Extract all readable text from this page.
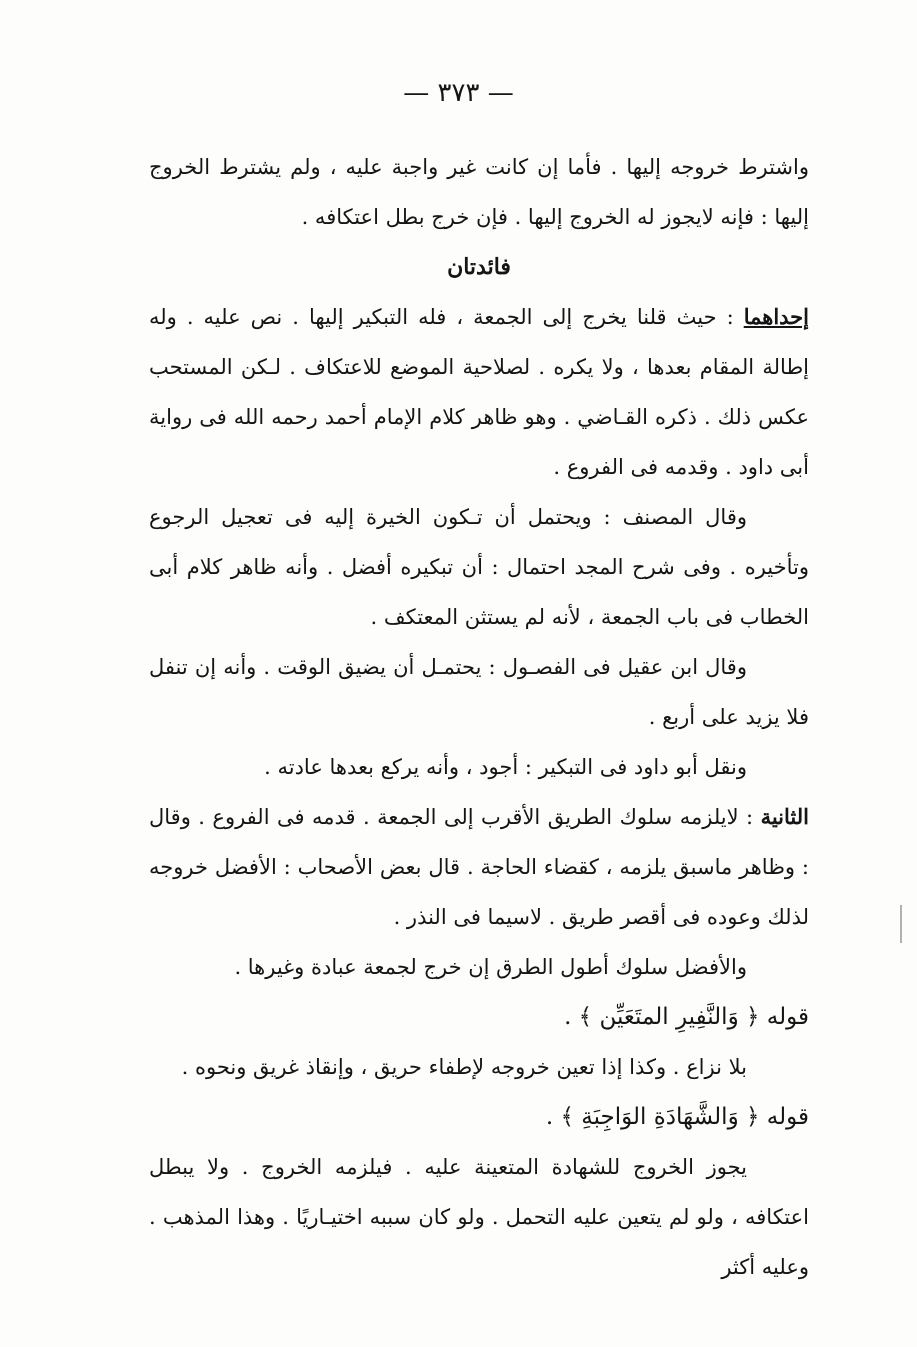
— ٣٧٣ —

واشترط خروجه إليها . فأما إن كانت غير واجبة عليه ، ولم يشترط الخروج إليها : فإنه لايجوز له الخروج إليها . فإن خرج بطل اعتكافه .

فائدتان

إحداهما : حيث قلنا يخرج إلى الجمعة ، فله التبكير إليها . نص عليه . وله إطالة المقام بعدها ، ولا يكره . لصلاحية الموضع للاعتكاف . لـكن المستحب عكس ذلك . ذكره القـاضي . وهو ظاهر كلام الإمام أحمد رحمه الله فى رواية أبى داود . وقدمه فى الفروع .

وقال المصنف : ويحتمل أن تـكون الخيرة إليه فى تعجيل الرجوع وتأخيره . وفى شرح المجد احتمال : أن تبكيره أفضل . وأنه ظاهر كلام أبى الخطاب فى باب الجمعة ، لأنه لم يستثن المعتكف .

وقال ابن عقيل فى الفصـول : يحتمـل أن يضيق الوقت . وأنه إن تنفل فلا يزيد على أربع .

ونقل أبو داود فى التبكير : أجود ، وأنه يركع بعدها عادته .

الثانية : لايلزمه سلوك الطريق الأقرب إلى الجمعة . قدمه فى الفروع . وقال : وظاهر ماسبق يلزمه ، كقضاء الحاجة . قال بعض الأصحاب : الأفضل خروجه لذلك وعوده فى أقصر طريق . لاسيما فى النذر .

والأفضل سلوك أطول الطرق إن خرج لجمعة عبادة وغيرها .

قوله ﴿ وَالنَّفِيرِ المتَعَيِّن ﴾ .

بلا نزاع . وكذا إذا تعين خروجه لإطفاء حريق ، وإنقاذ غريق ونحوه .

قوله ﴿ وَالشَّهَادَةِ الوَاجِبَةِ ﴾ .

يجوز الخروج للشهادة المتعينة عليه . فيلزمه الخروج . ولا يبطل اعتكافه ، ولو لم يتعين عليه التحمل . ولو كان سببه اختيـاريًا . وهذا المذهب . وعليه أكثر
